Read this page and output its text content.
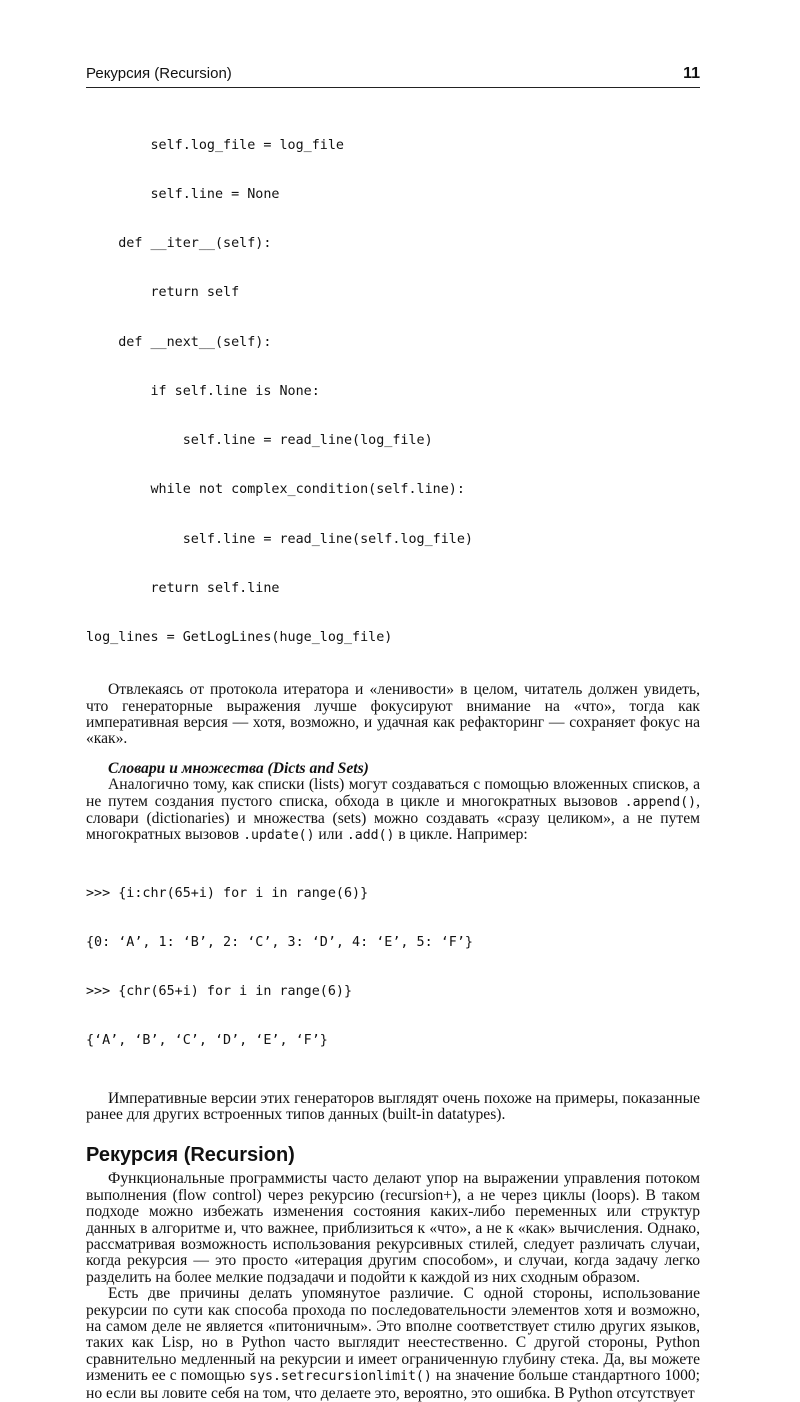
Рекурсия (Recursion)	11

self.log_file = log_file

self.line = None

def __iter__(self):

return self

def __next__(self):

if self.line is None:

self.line = read_line(log_file)

while not complex_condition(self.line):

self.line = read_line(self.log_file)

return self.line

log_lines = GetLogLines(huge_log_file)

Отвлекаясь от протокола итератора и «ленивости» в целом, читатель должен увидеть, что генераторные выражения лучше фокусируют внимание на «что», тогда как императивная версия — хотя, возможно, и удачная как рефакторинг — сохраняет фокус на «как».

Словари и множества (Dicts and Sets)

Аналогично тому, как списки (lists) могут создаваться с помощью вложенных списков, а не путем создания пустого списка, обхода в цикле и многократных вызовов .append(), словари (dictionaries) и множества (sets) можно создавать «сразу целиком», а не путем многократных вызовов .update() или .add() в цикле. Например:

>>> {i:chr(65+i) for i in range(6)}

{0: ‘A’, 1: ‘B’, 2: ‘C’, 3: ‘D’, 4: ‘E’, 5: ‘F’}

>>> {chr(65+i) for i in range(6)}

{‘A’, ‘B’, ‘C’, ‘D’, ‘E’, ‘F’}

Императивные версии этих генераторов выглядят очень похоже на примеры, показанные ранее для других встроенных типов данных (built-in datatypes).

Рекурсия (Recursion)

Функциональные программисты часто делают упор на выражении управления потоком выполнения (flow control) через рекурсию (recursion+), а не через циклы (loops). В таком подходе можно избежать изменения состояния каких-либо переменных или структур данных в алгоритме и, что важнее, приблизиться к «что», а не к «как» вычисления. Однако, рассматривая возможность использования рекурсивных стилей, следует различать случаи, когда рекурсия — это просто «итерация другим способом», и случаи, когда задачу легко разделить на более мелкие подзадачи и подойти к каждой из них сходным образом.

Есть две причины делать упомянутое различие. С одной стороны, использование рекурсии по сути как способа прохода по последовательности элементов хотя и возможно, на самом деле не является «питоничным». Это вполне соответствует стилю других языков, таких как Lisp, но в Python часто выглядит неестественно. С другой стороны, Python сравнительно медленный на рекурсии и имеет ограниченную глубину стека. Да, вы можете изменить ее с помощью sys.setrecursionlimit() на значение больше стандартного 1000; но если вы ловите себя на том, что делаете это, вероятно, это ошибка. В Python отсутствует
